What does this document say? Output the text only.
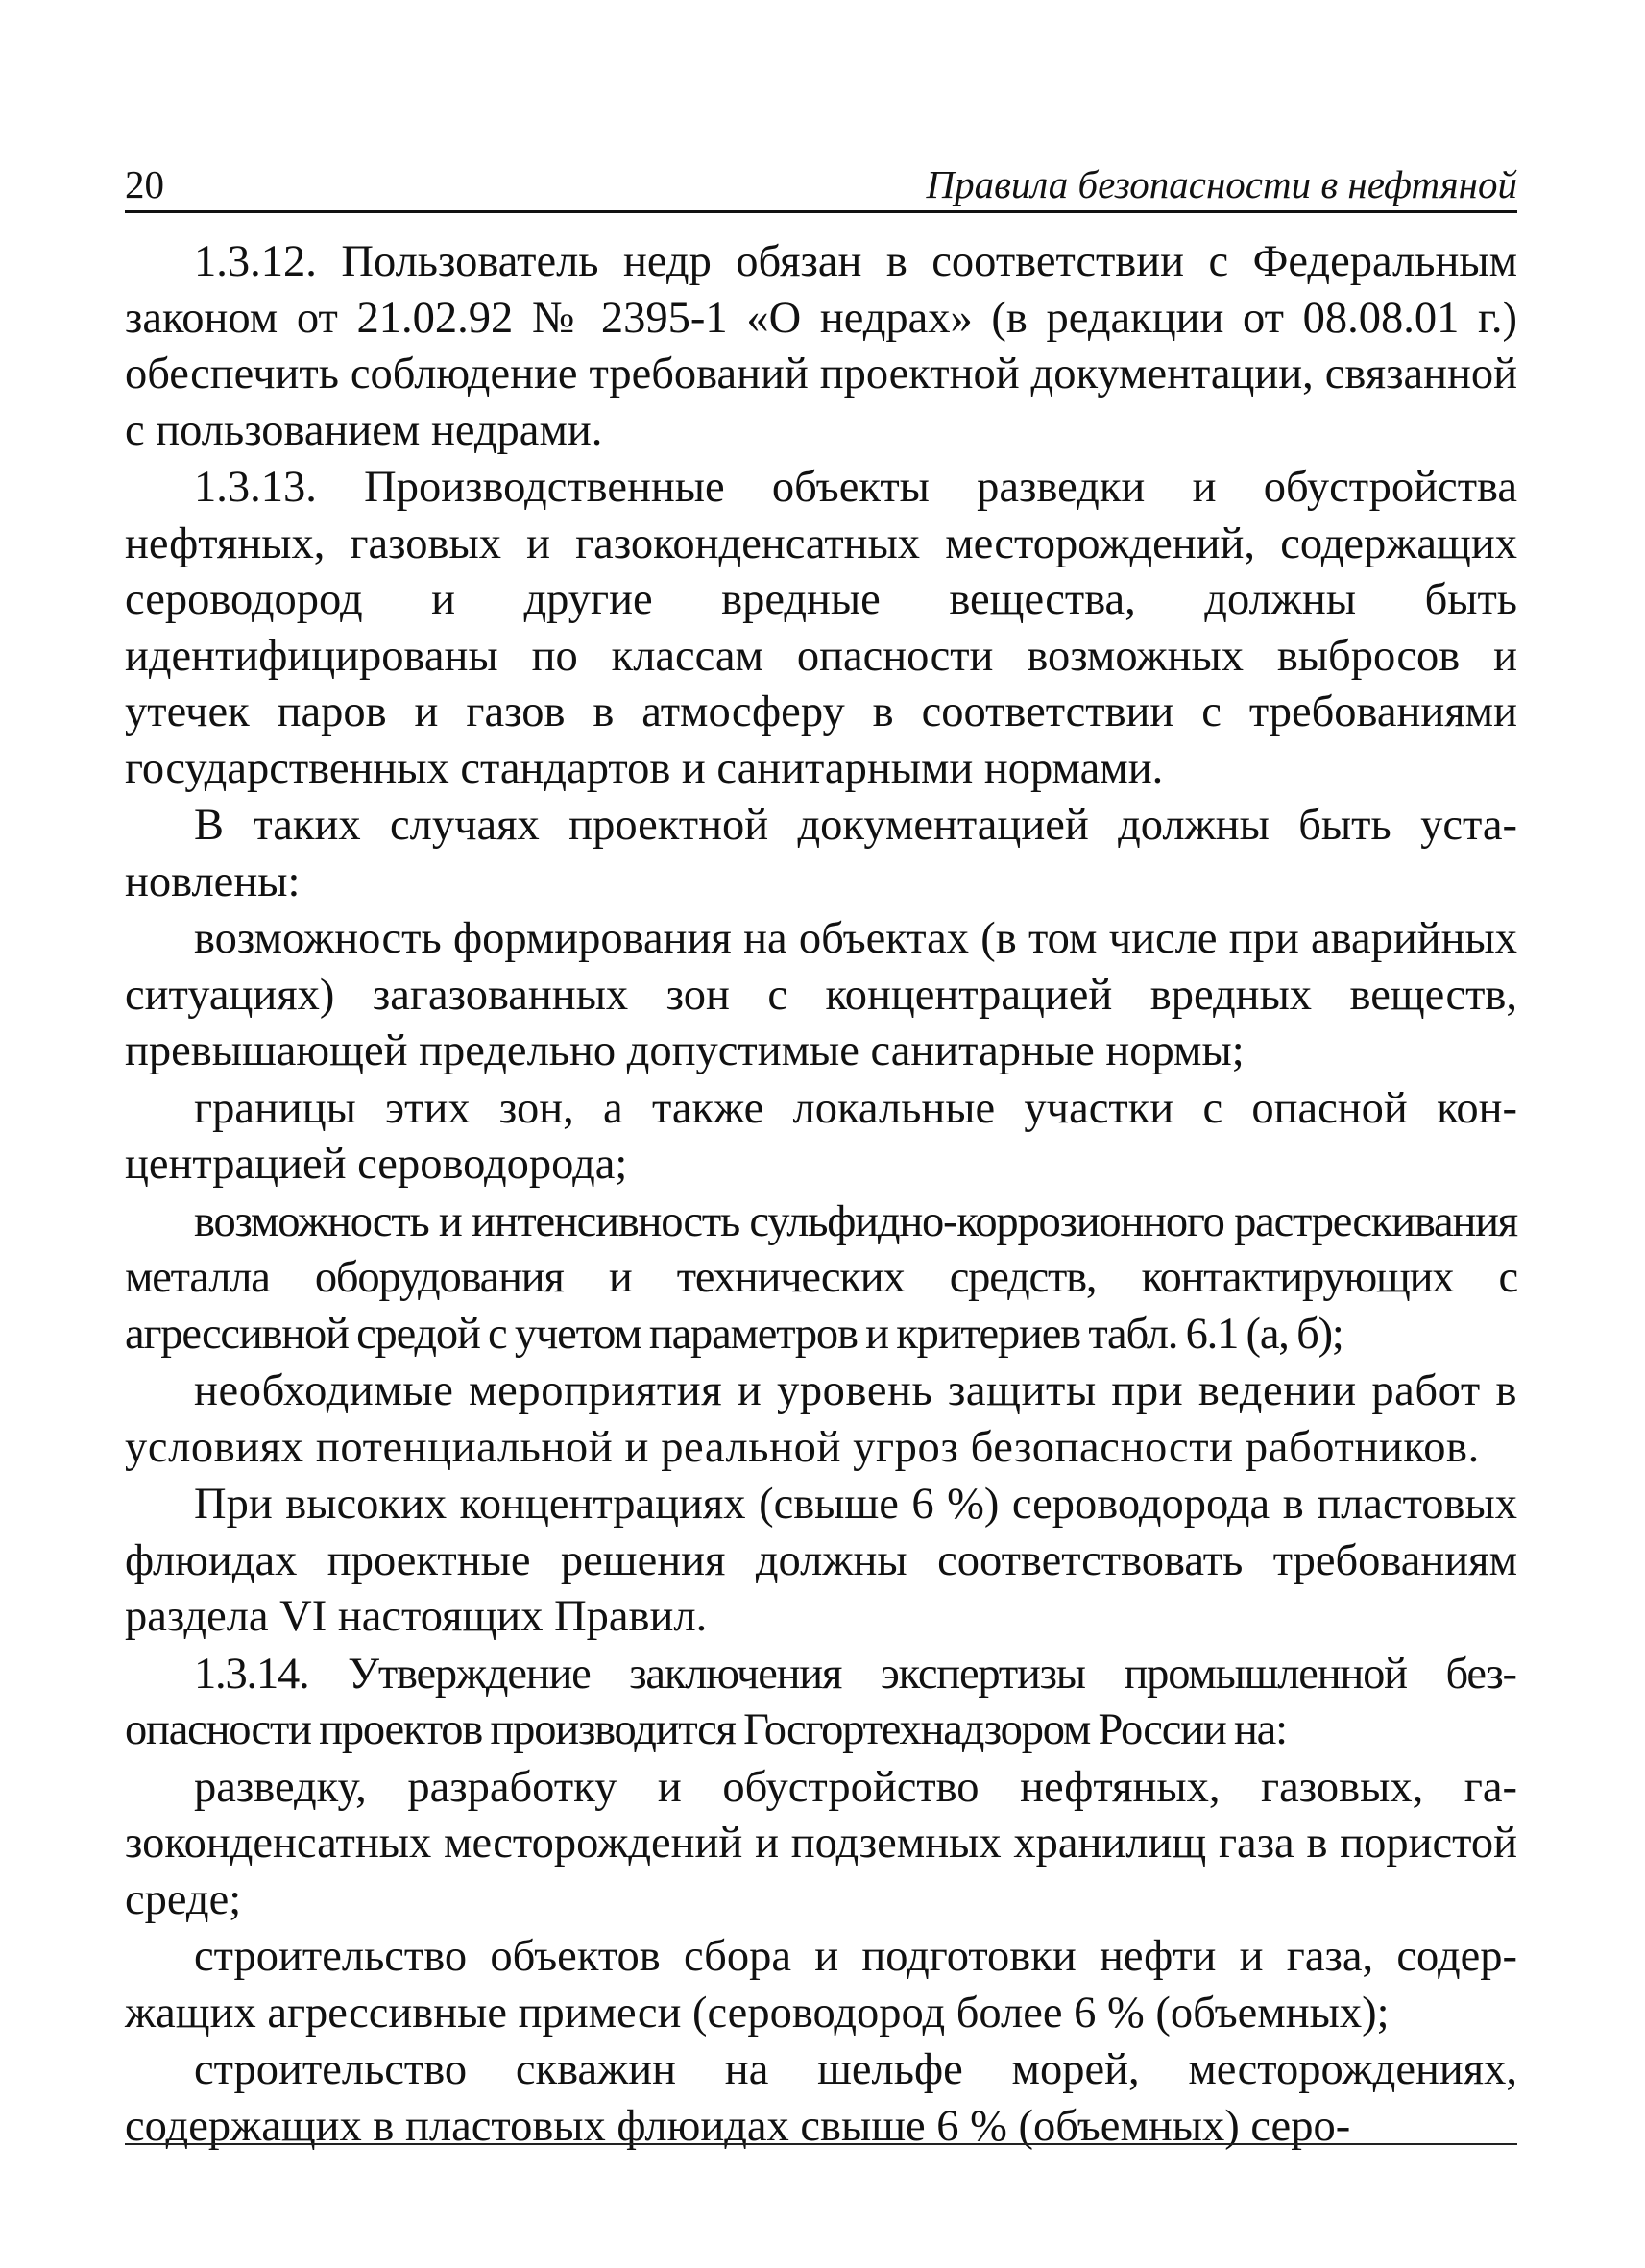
20	Правила безопасности в нефтяной

1.3.12. Пользователь недр обязан в соответствии с Федеральным законом от 21.02.92 № 2395-1 «О недрах» (в редакции от 08.08.01 г.) обеспечить соблюдение требований проектной документации, связанной с пользованием недрами.

1.3.13. Производственные объекты разведки и обустройства нефтяных, газовых и газоконденсатных месторождений, содержащих сероводород и другие вредные вещества, должны быть идентифицированы по классам опасности возможных выбросов и утечек паров и газов в атмосферу в соответствии с требованиями государственных стандартов и санитарными нормами.

В таких случаях проектной документацией должны быть установлены:

возможность формирования на объектах (в том числе при аварийных ситуациях) загазованных зон с концентрацией вредных веществ, превышающей предельно допустимые санитарные нормы;

границы этих зон, а также локальные участки с опасной концентрацией сероводорода;

возможность и интенсивность сульфидно-коррозионного растрескивания металла оборудования и технических средств, контактирующих с агрессивной средой с учетом параметров и критериев табл. 6.1 (а, б);

необходимые мероприятия и уровень защиты при ведении работ в условиях потенциальной и реальной угроз безопасности работников.

При высоких концентрациях (свыше 6 %) сероводорода в пластовых флюидах проектные решения должны соответствовать требованиям раздела VI настоящих Правил.

1.3.14. Утверждение заключения экспертизы промышленной безопасности проектов производится Госгортехнадзором России на:

разведку, разработку и обустройство нефтяных, газовых, газоконденсатных месторождений и подземных хранилищ газа в пористой среде;

строительство объектов сбора и подготовки нефти и газа, содержащих агрессивные примеси (сероводород более 6 % (объемных);

строительство скважин на шельфе морей, месторождениях, содержащих в пластовых флюидах свыше 6 % (объемных) серо-
